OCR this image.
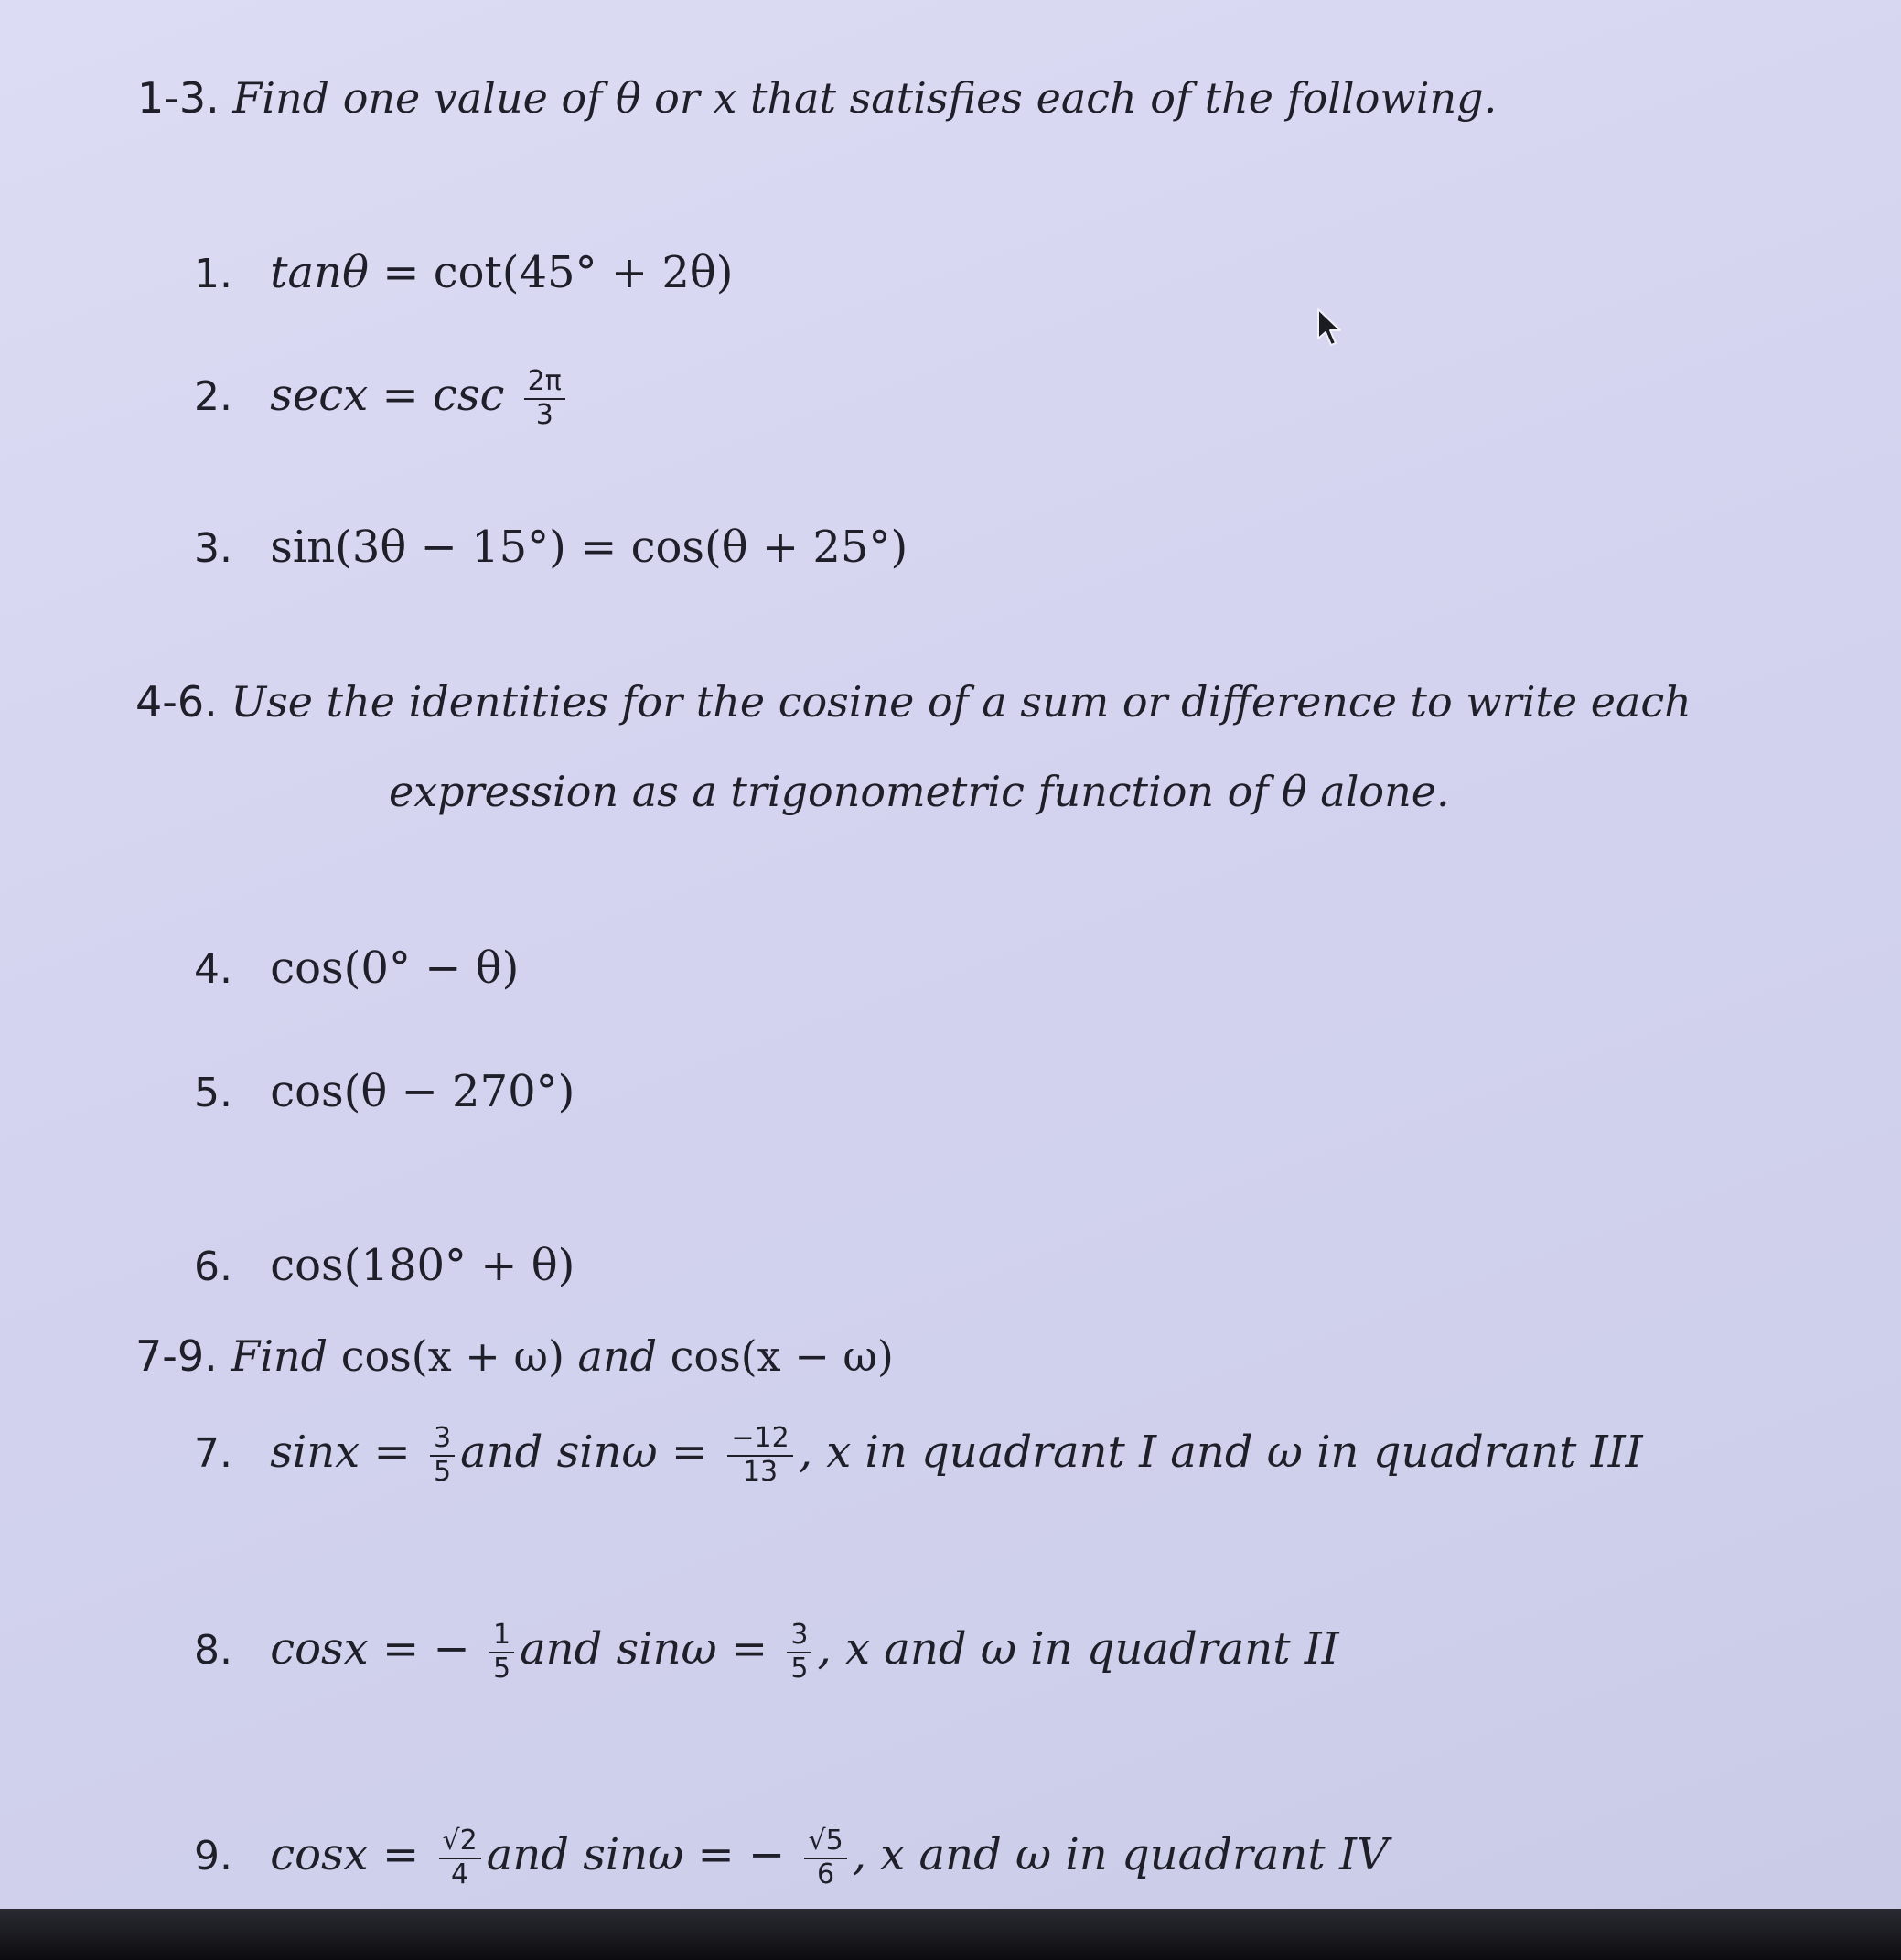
1-3. Find one value of θ or x that satisfies each of the following.
1. tanθ = cot(45° + 2θ)
2. $\sec x = \csc \frac{2\pi}{3}$
3. sin(3θ − 15°) = cos(θ + 25°)
4-6. Use the identities for the cosine of a sum or difference to write each
expression as a trigonometric function of θ alone.
4. cos(0° − θ)
5. cos(θ − 270°)
6. cos(180° + θ)
7-9. Find cos(x + ω) and cos(x − ω)
7. $\sin x = \frac{3}{5}$ and $\sin\omega = \frac{-12}{13}$ , x in quadrant I and ω in quadrant III
8. cosx = − $\frac{1}{5}$ and $\sin\omega = \frac{3}{5}$ , x and ω in quadrant II
9. $\cos x = \frac{√2}{4}$ and sinω = − $\frac{√5}{6}$ , x and ω in quadrant IV
